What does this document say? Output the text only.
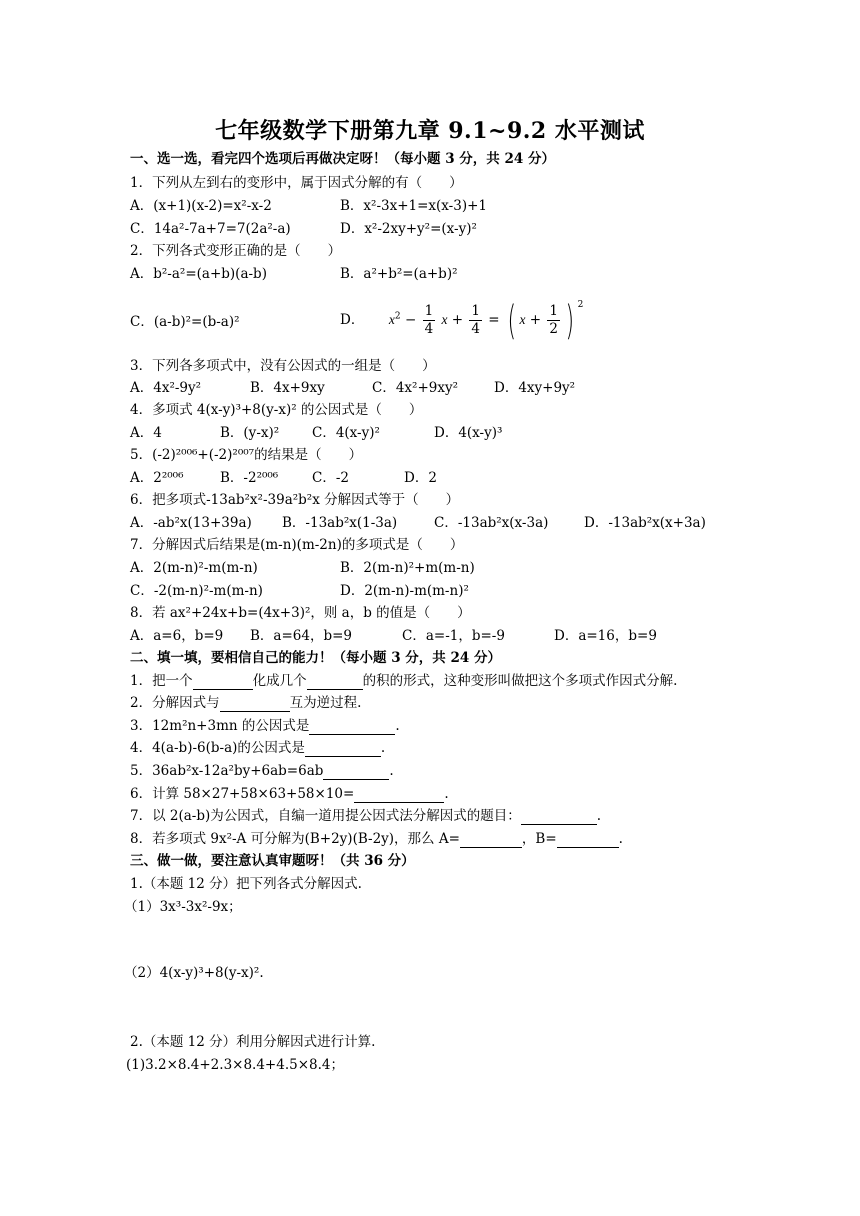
七年级数学下册第九章 9.1~9.2 水平测试
一、选一选，看完四个选项后再做决定呀！（每小题 3 分，共 24 分）
1．下列从左到右的变形中，属于因式分解的有（　　）
A．(x+1)(x-2)=x²-x-2	B．x²-3x+1=x(x-3)+1
C．14a²-7a+7=7(2a²-a)	D．x²-2xy+y²=(x-y)²
2．下列各式变形正确的是（　　）
A．b²-a²=(a+b)(a-b)	B．a²+b²=(a+b)²
C．(a-b)²=(b-a)²	D． $x^2 - \frac{1}{4}$ $x + \frac{1}{4}$ = ( $x + \frac{1}{2}$ ) $^2$
3．下列各多项式中，没有公因式的一组是（　　）
A．4x²-9y²	B．4x+9xy	C．4x²+9xy²	D．4xy+9y²
4．多项式 4(x-y)³+8(y-x)² 的公因式是（　　）
A．4	B．(y-x)² C．4(x-y)²	D．4(x-y)³
5．(-2)²⁰⁰⁶+(-2)²⁰⁰⁷的结果是（　　）
A．2²⁰⁰⁶	B．-2²⁰⁰⁶	C．-2	D．2
6．把多项式-13ab²x²-39a²b²x 分解因式等于（　　）
A．-ab²x(13+39a) B．-13ab²x(1-3a)	C．-13ab²x(x-3a)	D．-13ab²x(x+3a)
7．分解因式后结果是(m-n)(m-2n)的多项式是（　　）
A．2(m-n)²-m(m-n)	B．2(m-n)²+m(m-n)
C．-2(m-n)²-m(m-n)	D．2(m-n)-m(m-n)²
8．若 ax²+24x+b=(4x+3)²，则 a，b 的值是（　　）
A．a=6，b=9 B．a=64，b=9	C．a=-1，b=-9	D．a=16，b=9
二、填一填，要相信自己的能力！（每小题 3 分，共 24 分）
1．把一个	化成几个	的积的形式，这种变形叫做把这个多项式作因式分解.
2．分解因式与	互为逆过程.
3．12m²n+3mn 的公因式是	.
4．4(a-b)-6(b-a)的公因式是	.
5．36ab²x-12a²by+6ab=6ab	.
6．计算 58×27+58×63+58×10=	.
7．以 2(a-b)为公因式，自编一道用提公因式法分解因式的题目：	.
8．若多项式 9x²-A 可分解为(B+2y)(B-2y)，那么 A=	，B=	.
三、做一做，要注意认真审题呀！（共 36 分）
1.（本题 12 分）把下列各式分解因式.
（1）3x³-3x²-9x；
（2）4(x-y)³+8(y-x)².
2.（本题 12 分）利用分解因式进行计算.
(1)3.2×8.4+2.3×8.4+4.5×8.4；
